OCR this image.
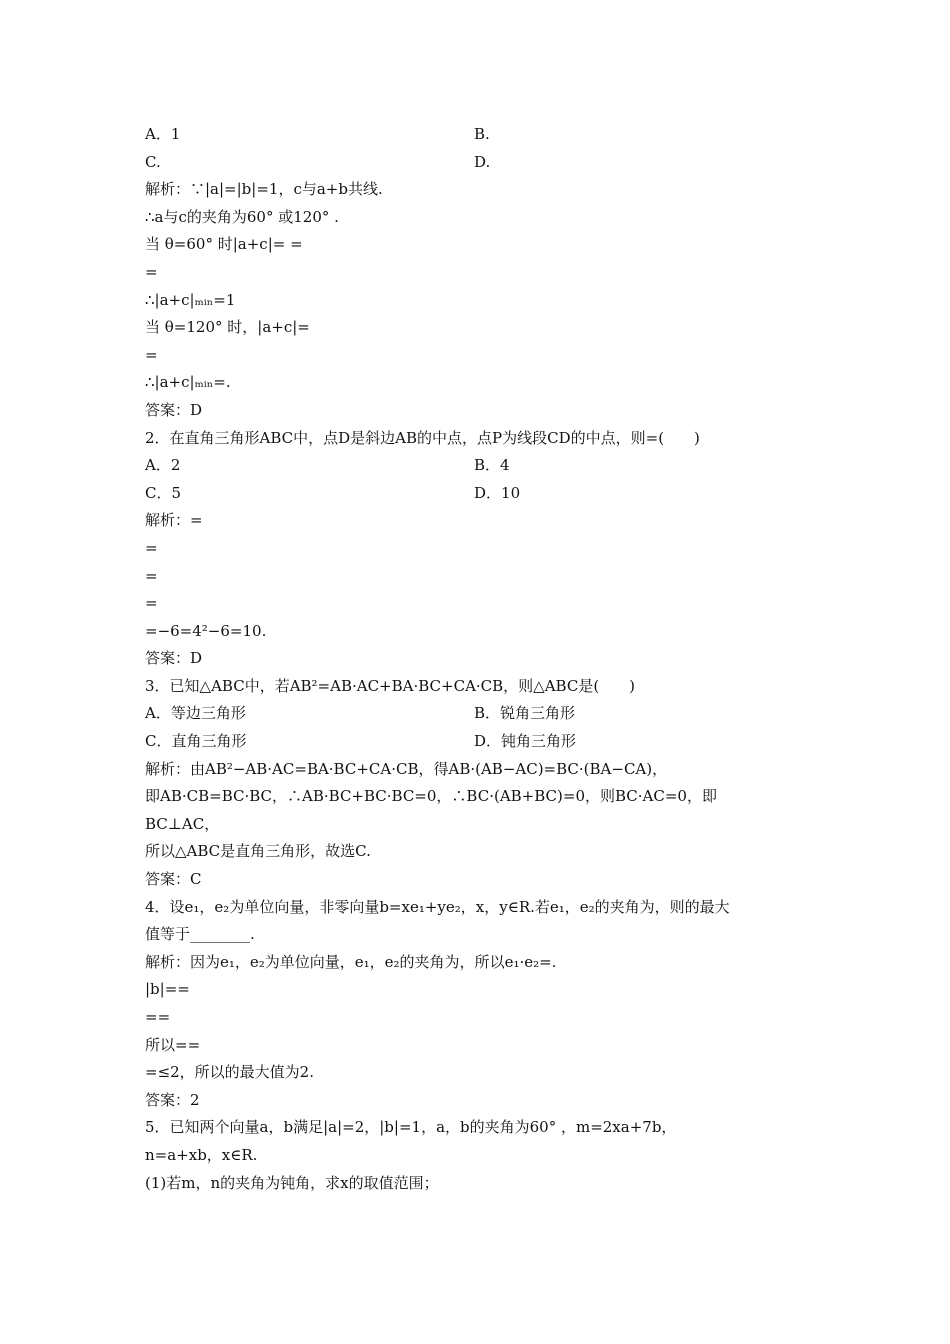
A．1	B.
C.	D.
解析：∵|a|=|b|=1，c与a+b共线.
∴a与c的夹角为60° 或120° .
当 θ=60° 时|a+c|= =
=
∴|a+c|ₘᵢₙ=1
当 θ=120° 时，|a+c|=
=
∴|a+c|ₘᵢₙ=.
答案：D
2．在直角三角形ABC中，点D是斜边AB的中点，点P为线段CD的中点，则=(　　)
A．2	B．4
C．5	D．10
解析：=
=
=
=
=−6=4²−6=10.
答案：D
3．已知△ABC中，若AB²=AB·AC+BA·BC+CA·CB，则△ABC是(　　)
A．等边三角形	B．锐角三角形
C．直角三角形	D．钝角三角形
解析：由AB²−AB·AC=BA·BC+CA·CB，得AB·(AB−AC)=BC·(BA−CA)，
即AB·CB=BC·BC，∴AB·BC+BC·BC=0，∴BC·(AB+BC)=0，则BC·AC=0，即
BC⊥AC，
所以△ABC是直角三角形，故选C.
答案：C
4．设e₁，e₂为单位向量，非零向量b=xe₁+ye₂，x，y∈R.若e₁，e₂的夹角为，则的最大
值等于________.
解析：因为e₁，e₂为单位向量，e₁，e₂的夹角为，所以e₁·e₂=.
|b|==
==
所以==
=≤2，所以的最大值为2.
答案：2
5．已知两个向量a，b满足|a|=2，|b|=1，a，b的夹角为60° ，m=2xa+7b，
n=a+xb，x∈R.
(1)若m，n的夹角为钝角，求x的取值范围；
